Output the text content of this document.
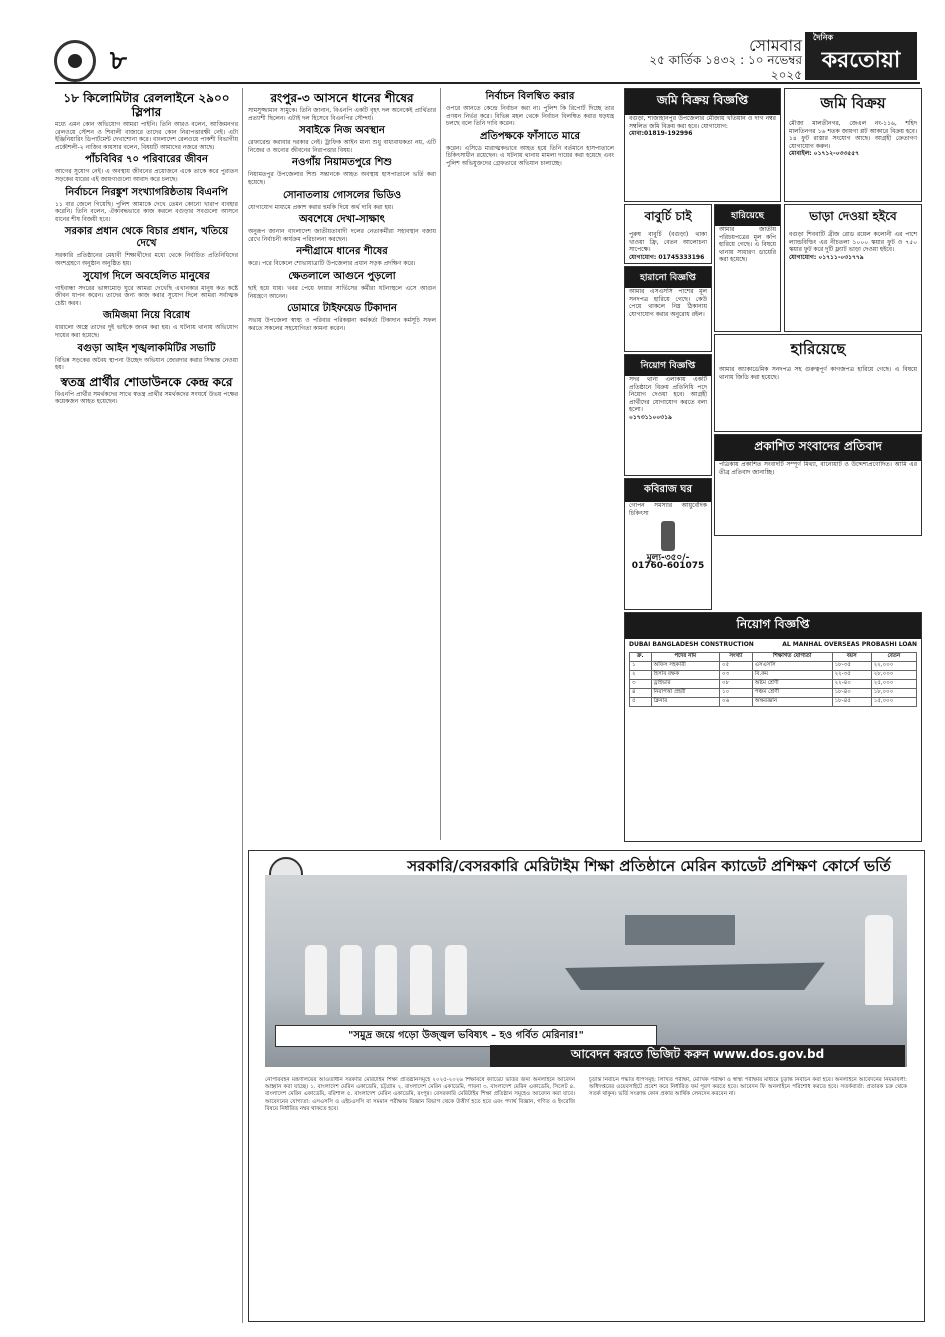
৮
সোমবার
২৫ কার্তিক ১৪৩২ : ১০ নভেম্বর ২০২৫
দৈনিক
করতোয়া
১৮ কিলোমিটার রেললাইনে ২৯০০ স্লিপার

মধ্যে এমন কোন অভিযোগ আমরা পাইনি। তিনি আরও বলেন, আজিমনগর রেলওয়ে স্টেশন ও শিবালী বাজারে তাদের কোন নিরাপত্তারক্ষী নেই। এটা ইঞ্জিনিয়ারিং ডিপার্টমেন্ট দেখাশোনা করে। বাংলাদেশ রেলওয়ে পাকশী বিভাগীয় প্রকৌশলী-২ নাজিব কায়সার বলেন, বিষয়টি আমাদের নজরে আছে।

পাঁচবিবির ৭০ পরিবারের জীবন

আগের সুযোগ নেই। এ অবস্থায় জীবনের প্রয়োজনে একে তাকে করে পুরাতন সড়কের ধারের এই জায়গাগুলো আবাদ করে চলছে।

নির্বাচনে নিরঙ্কুশ সংখ্যাগরিষ্ঠতায় বিএনপি

১১ বার জেলে গিয়েছি। পুলিশ আমাকে দেখে তেমন কোনো খারাপ ব্যবহার করেনি। তিনি বলেন, ঐক্যবদ্ধভাবে কাজ করলে বগুড়ার সবগুলো আসনে ধানের শীষ বিজয়ী হবে।

সরকার প্রধান থেকে বিচার প্রধান, খতিয়ে দেখে

সরকারি প্রতিষ্ঠানের মেধাবী শিক্ষার্থীদের মধ্যে থেকে নির্বাচিত প্রতিনিধিদের অংশগ্রহণে অনুষ্ঠান অনুষ্ঠিত হয়।

সুযোগ দিলে অবহেলিত মানুষের

গাইবান্ধা সদরের ভাঙ্গামোড় ঘুরে আমরা দেখেছি এখানকার মানুষ কত কষ্টে জীবন যাপন করেন। তাদের জন্য কাজ করার সুযোগ দিলে আমরা সর্বাত্মক চেষ্টা করব।

জমিজমা নিয়ে বিরোধ

ধারালো অস্ত্রে তাদের দুই ভাইকে জখম করা হয়। এ ঘটনায় থানায় অভিযোগ দায়ের করা হয়েছে।

বগুড়া আইন শৃঙ্খলাকমিটির সভাটি

বিভিন্ন সড়কের অবৈধ স্থাপনা উচ্ছেদ অভিযান জোরদার করার সিদ্ধান্ত নেওয়া হয়।

স্বতন্ত্র প্রার্থীর শোডাউনকে কেন্দ্র করে

বিএনপি প্রার্থীর সমর্থকদের সাথে স্বতন্ত্র প্রার্থীর সমর্থকদের সংঘর্ষে উভয় পক্ষের কয়েকজন আহত হয়েছেন।

রংপুর-৩ আসনে ধানের শীষের

সামসুজ্জামান সামুকে। তিনি জানান, বিএনপি একটি বৃহৎ দল অনেকেই প্রার্থিতার প্রত্যাশী ছিলেন। এটাই দল হিসেবে বিএনপির সৌন্দর্য।

সবাইকে নিজ অবস্থান

রেফারেন্ড করাবার দরকার নেই। ট্রাফিক আইন মানা শুধু বাধ্যবাধকতা নয়, এটি নিজের ও অন্যের জীবনের নিরাপত্তার বিষয়।

নওগাঁয় নিয়ামতপুরে শিশু

নিয়ামতপুর উপজেলার শিশু সন্তানকে আহত অবস্থায় হাসপাতালে ভর্তি করা হয়েছে।

সোনাতলায় গোসলের ভিডিও

যোগাযোগ মাধ্যমে প্রকাশ করার হুমকি দিয়ে অর্থ দাবি করা হয়।

অবশেষে দেখা-সাক্ষাৎ

অনুরূপ জানান বাংলাদেশ জাতীয়তাবাদী দলের নেতাকর্মীরা সহাবস্থান বজায় রেখে নির্বাচনী কার্যক্রম পরিচালনা করছেন।

নন্দীগ্রামে ধানের শীষের

করে। পরে বিকেলে শোভাযাত্রাটি উপজেলার প্রধান সড়ক প্রদক্ষিণ করে।

ক্ষেতলালে আগুনে পুড়লো

ছাই হয়ে যায়। খবর পেয়ে ফায়ার সার্ভিসের কর্মীরা ঘটনাস্থলে এসে আগুন নিয়ন্ত্রণে আনেন।

ডোমারে টাইফয়েড টিকাদান

সভায় উপজেলা স্বাস্থ্য ও পরিবার পরিকল্পনা কর্মকর্তা টিকাদান কর্মসূচি সফল করতে সকলের সহযোগিতা কামনা করেন।

নির্বাচন বিলম্বিত করার

ওপরে আনতে কেন্দ্রে নির্বাচন করা না। পুলিশ কি রিপোর্ট দিচ্ছে তার প্রণয়ন নির্ভর করে। বিভিন্ন মহল থেকে নির্বাচন বিলম্বিত করার ষড়যন্ত্র চলছে বলে তিনি দাবি করেন।

প্রতিপক্ষকে ফাঁসাতে মারে

করেন। এসিডে মারাত্মকভাবে আহত হয়ে তিনি বর্তমানে হাসপাতালে চিকিৎসাধীন রয়েছেন। এ ঘটনায় থানায় মামলা দায়ের করা হয়েছে এবং পুলিশ অভিযুক্তদের গ্রেফতারে অভিযান চালাচ্ছে।

জমি বিক্রয় বিজ্ঞপ্তি
বগুড়া, শাজাহানপুর উপজেলার মৌজায় খতিয়ান ও দাগ নম্বর সম্বলিত জমি বিক্রয় করা হবে। যোগাযোগ:
মোবা:01819-192996
জমি বিক্রয়
মৌজা মালতীনগর, জেএল নং-১১৬, শহিদ মালতিনগর ১৬ শতক জায়গা প্লট আকারে বিক্রয় হবে। ১৪ ফুট রাস্তার সংযোগ আছে। আগ্রহী ক্রেতাগণ যোগাযোগ করুন।
মোবাইল: ০১৭১২-০৩৩৫৫৭
হারিয়েছে
আমার জাতীয় পরিচয়পত্রের মূল কপি হারিয়ে গেছে। এ বিষয়ে থানায় সাধারণ ডায়েরি করা হয়েছে।
ভাড়া দেওয়া হইবে
বগুড়া শিববাটি ব্রীজ রোড রয়েল কলোনী এর পাশে ল্যান্ডবিল্ডিং এর নীচতলা ১০০০ স্কয়ার ফুট ও ৭৫০ স্কয়ার ফুট করে দুটি ফ্ল্যাট ভাড়া দেওয়া হইবে।
যোগাযোগ: ০১৭১১-০৩১৭৭৯
বাবুর্চি চাই
পুরুষ বাবুর্চি (বগুড়া) থাকা খাওয়া ফ্রি, বেতন আলোচনা সাপেক্ষে।
যোগাযোগ: 01745333196
হারানো বিজ্ঞপ্তি
আমার এসএসসি পাশের মূল সনদপত্র হারিয়ে গেছে। কেউ পেয়ে থাকলে নিম্ন ঠিকানায় যোগাযোগ করার অনুরোধ রইল।
নিয়োগ বিজ্ঞপ্তি
সদর থানা এলাকায় একটি প্রতিষ্ঠানে বিক্রয় প্রতিনিধি পদে নিয়োগ দেওয়া হবে। আগ্রহী প্রার্থীদের যোগাযোগ করতে বলা হলো।
০১৭৩১১০০৩১৯
হারিয়েছে
আমার অ্যাকাডেমিক সনদপত্র সহ গুরুত্বপূর্ণ কাগজপত্র হারিয়ে গেছে। এ বিষয়ে থানায় জিডি করা হয়েছে।
প্রকাশিত সংবাদের প্রতিবাদ
পত্রিকায় প্রকাশিত সংবাদটি সম্পূর্ণ মিথ্যা, বানোয়াট ও উদ্দেশ্যপ্রণোদিত। আমি এর তীব্র প্রতিবাদ জানাচ্ছি।
কবিরাজ ঘর
গোপন সমস্যার আয়ুর্বেদিক চিকিৎসা
মূল্য-৩৫০/-
01760-601075
নিয়োগ বিজ্ঞপ্তি
DUBAI BANGLADESH CONSTRUCTION	AL MANHAL OVERSEAS PROBASHI LOAN
ক্র.	পদের নাম	সংখ্যা	শিক্ষাগত যোগ্যতা	বয়স	বেতন
১	অফিস সহকারী	০৫	এসএসসি	১৮-৩৫	২২,০০০
২	হিসাব রক্ষক	০৩	বি.কম	২২-৩৫	২৮,০০০
৩	ড্রাইভার	০৮	অষ্টম শ্রেণী	২২-৪০	২৫,০০০
৪	নিরাপত্তা প্রহরী	১০	পঞ্চম শ্রেণী	১৮-৪০	১৮,০০০
৫	ক্লিনার	০৬	অক্ষরজ্ঞান	১৮-৪৫	১৫,০০০
সরকারি/বেসরকারি মেরিটাইম শিক্ষা প্রতিষ্ঠানে মেরিন ক্যাডেট প্রশিক্ষণ কোর্সে ভর্তি
"সমুদ্র জয়ে গড়ো উজ্জ্বল ভবিষ্যৎ – হও গর্বিত মেরিনার!"
আবেদন করতে ভিজিট করুন www.dos.gov.bd
নৌপরিবহন মন্ত্রণালয়ের আওতাধীন সরকারি মেরিটাইম শিক্ষা প্রতিষ্ঠানসমূহে ২০২৫-২০২৬ শিক্ষাবর্ষে ক্যাডেট ভর্তির জন্য অনলাইনে আবেদন আহ্বান করা যাচ্ছে। ১. বাংলাদেশ মেরিন একাডেমি, চট্টগ্রাম ২. বাংলাদেশ মেরিন একাডেমি, পাবনা ৩. বাংলাদেশ মেরিন একাডেমি, সিলেট ৪. বাংলাদেশ মেরিন একাডেমি, বরিশাল ৫. বাংলাদেশ মেরিন একাডেমি, রংপুর। বেসরকারি মেরিটাইম শিক্ষা প্রতিষ্ঠান সমূহেও আবেদন করা যাবে। আবেদনের যোগ্যতা: এসএসসি ও এইচএসসি বা সমমান পরীক্ষায় বিজ্ঞান বিভাগ থেকে উত্তীর্ণ হতে হবে এবং পদার্থ বিজ্ঞান, গণিত ও ইংরেজি বিষয়ে নির্ধারিত নম্বর থাকতে হবে।
চূড়ান্ত নির্বাচন পদ্ধতি ধাপসমূহ: লিখিত পরীক্ষা, মৌখিক পরীক্ষা ও স্বাস্থ্য পরীক্ষার মাধ্যমে চূড়ান্ত নির্বাচন করা হবে। অনলাইনে আবেদনের নিয়মাবলী: অধিদপ্তরের ওয়েবসাইটে প্রবেশ করে নির্ধারিত ফর্ম পূরণ করতে হবে। আবেদন ফি অনলাইনে পরিশোধ করতে হবে। সতর্কবার্তা: প্রতারক চক্র থেকে সতর্ক থাকুন। ভর্তি সংক্রান্ত কোন প্রকার আর্থিক লেনদেন করবেন না।
